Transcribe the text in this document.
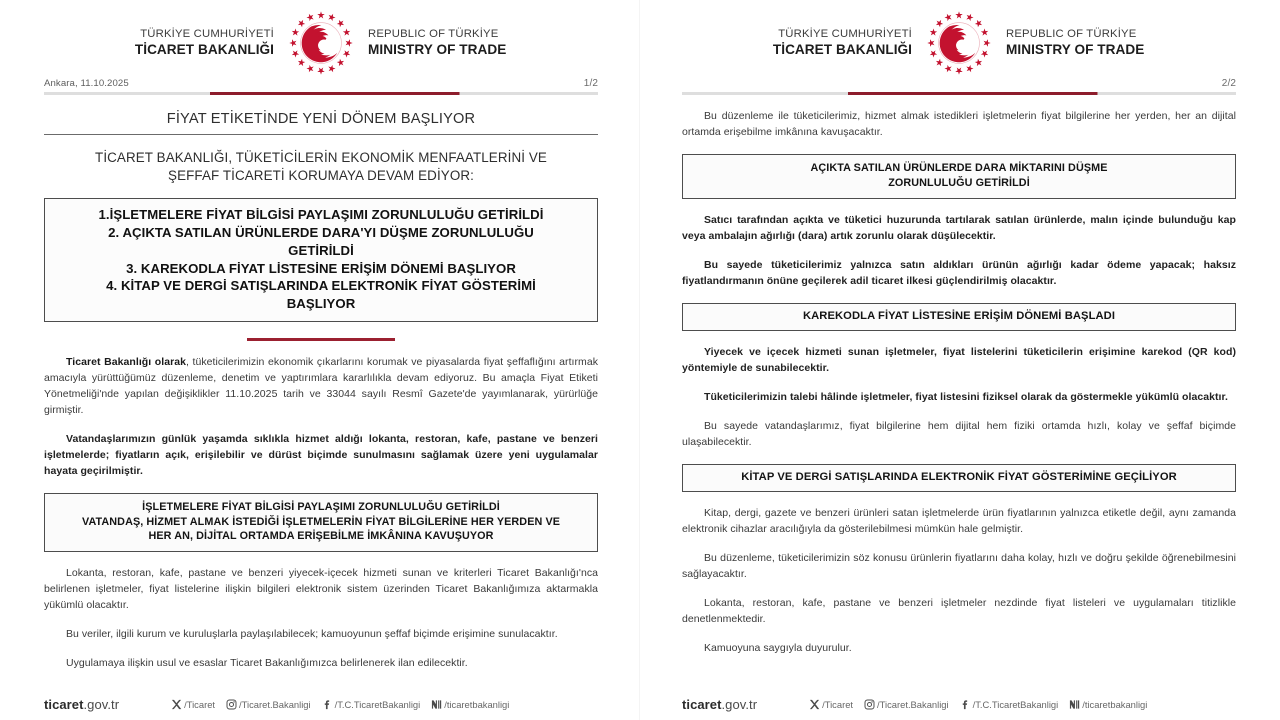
TÜRKİYE CUMHURİYETİ
TİCARET BAKANLIĞI
REPUBLIC OF TÜRKİYE
MINISTRY OF TRADE
Ankara, 11.10.2025	1/2
FİYAT ETİKETİNDE YENİ DÖNEM BAŞLIYOR
TİCARET BAKANLIĞI, TÜKETİCİLERİN EKONOMİK MENFAATLERİNİ VE
ŞEFFAF TİCARETİ KORUMAYA DEVAM EDİYOR:
1.İŞLETMELERE FİYAT BİLGİSİ PAYLAŞIMI ZORUNLULUĞU GETİRİLDİ
2. AÇIKTA SATILAN ÜRÜNLERDE DARA'YI DÜŞME ZORUNLULUĞU
GETİRİLDİ
3. KAREKODLA FİYAT LİSTESİNE ERİŞİM DÖNEMİ BAŞLIYOR
4. KİTAP VE DERGİ SATIŞLARINDA ELEKTRONİK FİYAT GÖSTERİMİ
BAŞLIYOR

Ticaret Bakanlığı olarak, tüketicilerimizin ekonomik çıkarlarını korumak ve piyasalarda fiyat şeffaflığını artırmak amacıyla yürüttüğümüz düzenleme, denetim ve yaptırımlara kararlılıkla devam ediyoruz. Bu amaçla Fiyat Etiketi Yönetmeliği'nde yapılan değişiklikler 11.10.2025 tarih ve 33044 sayılı Resmî Gazete'de yayımlanarak, yürürlüğe girmiştir.

Vatandaşlarımızın günlük yaşamda sıklıkla hizmet aldığı lokanta, restoran, kafe, pastane ve benzeri işletmelerde; fiyatların açık, erişilebilir ve dürüst biçimde sunulmasını sağlamak üzere yeni uygulamalar hayata geçirilmiştir.

İŞLETMELERE FİYAT BİLGİSİ PAYLAŞIMI ZORUNLULUĞU GETİRİLDİ
VATANDAŞ, HİZMET ALMAK İSTEDİĞİ İŞLETMELERİN FİYAT BİLGİLERİNE HER YERDEN VE
HER AN, DİJİTAL ORTAMDA ERİŞEBİLME İMKÂNINA KAVUŞUYOR

Lokanta, restoran, kafe, pastane ve benzeri yiyecek-içecek hizmeti sunan ve kriterleri Ticaret Bakanlığı'nca belirlenen işletmeler, fiyat listelerine ilişkin bilgileri elektronik sistem üzerinden Ticaret Bakanlığımıza aktarmakla yükümlü olacaktır.

Bu veriler, ilgili kurum ve kuruluşlarla paylaşılabilecek; kamuoyunun şeffaf biçimde erişimine sunulacaktır.

Uygulamaya ilişkin usul ve esaslar Ticaret Bakanlığımızca belirlenerek ilan edilecektir.

ticaret.gov.tr	/Ticaret	/Ticaret.Bakanligi	/T.C.TicaretBakanligi	/ticaretbakanligi
TÜRKİYE CUMHURİYETİ
TİCARET BAKANLIĞI
REPUBLIC OF TÜRKİYE
MINISTRY OF TRADE
2/2

Bu düzenleme ile tüketicilerimiz, hizmet almak istedikleri işletmelerin fiyat bilgilerine her yerden, her an dijital ortamda erişebilme imkânına kavuşacaktır.

AÇIKTA SATILAN ÜRÜNLERDE DARA MİKTARINI DÜŞME
ZORUNLULUĞU GETİRİLDİ

Satıcı tarafından açıkta ve tüketici huzurunda tartılarak satılan ürünlerde, malın içinde bulunduğu kap veya ambalajın ağırlığı (dara) artık zorunlu olarak düşülecektir.

Bu sayede tüketicilerimiz yalnızca satın aldıkları ürünün ağırlığı kadar ödeme yapacak; haksız fiyatlandırmanın önüne geçilerek adil ticaret ilkesi güçlendirilmiş olacaktır.

KAREKODLA FİYAT LİSTESİNE ERİŞİM DÖNEMİ BAŞLADI

Yiyecek ve içecek hizmeti sunan işletmeler, fiyat listelerini tüketicilerin erişimine karekod (QR kod) yöntemiyle de sunabilecektir.

Tüketicilerimizin talebi hâlinde işletmeler, fiyat listesini fiziksel olarak da göstermekle yükümlü olacaktır.

Bu sayede vatandaşlarımız, fiyat bilgilerine hem dijital hem fiziki ortamda hızlı, kolay ve şeffaf biçimde ulaşabilecektir.

KİTAP VE DERGİ SATIŞLARINDA ELEKTRONİK FİYAT GÖSTERİMİNE GEÇİLİYOR

Kitap, dergi, gazete ve benzeri ürünleri satan işletmelerde ürün fiyatlarının yalnızca etiketle değil, aynı zamanda elektronik cihazlar aracılığıyla da gösterilebilmesi mümkün hale gelmiştir.

Bu düzenleme, tüketicilerimizin söz konusu ürünlerin fiyatlarını daha kolay, hızlı ve doğru şekilde öğrenebilmesini sağlayacaktır.

Lokanta, restoran, kafe, pastane ve benzeri işletmeler nezdinde fiyat listeleri ve uygulamaları titizlikle denetlenmektedir.

Kamuoyuna saygıyla duyurulur.

ticaret.gov.tr	/Ticaret	/Ticaret.Bakanligi	/T.C.TicaretBakanligi	/ticaretbakanligi
